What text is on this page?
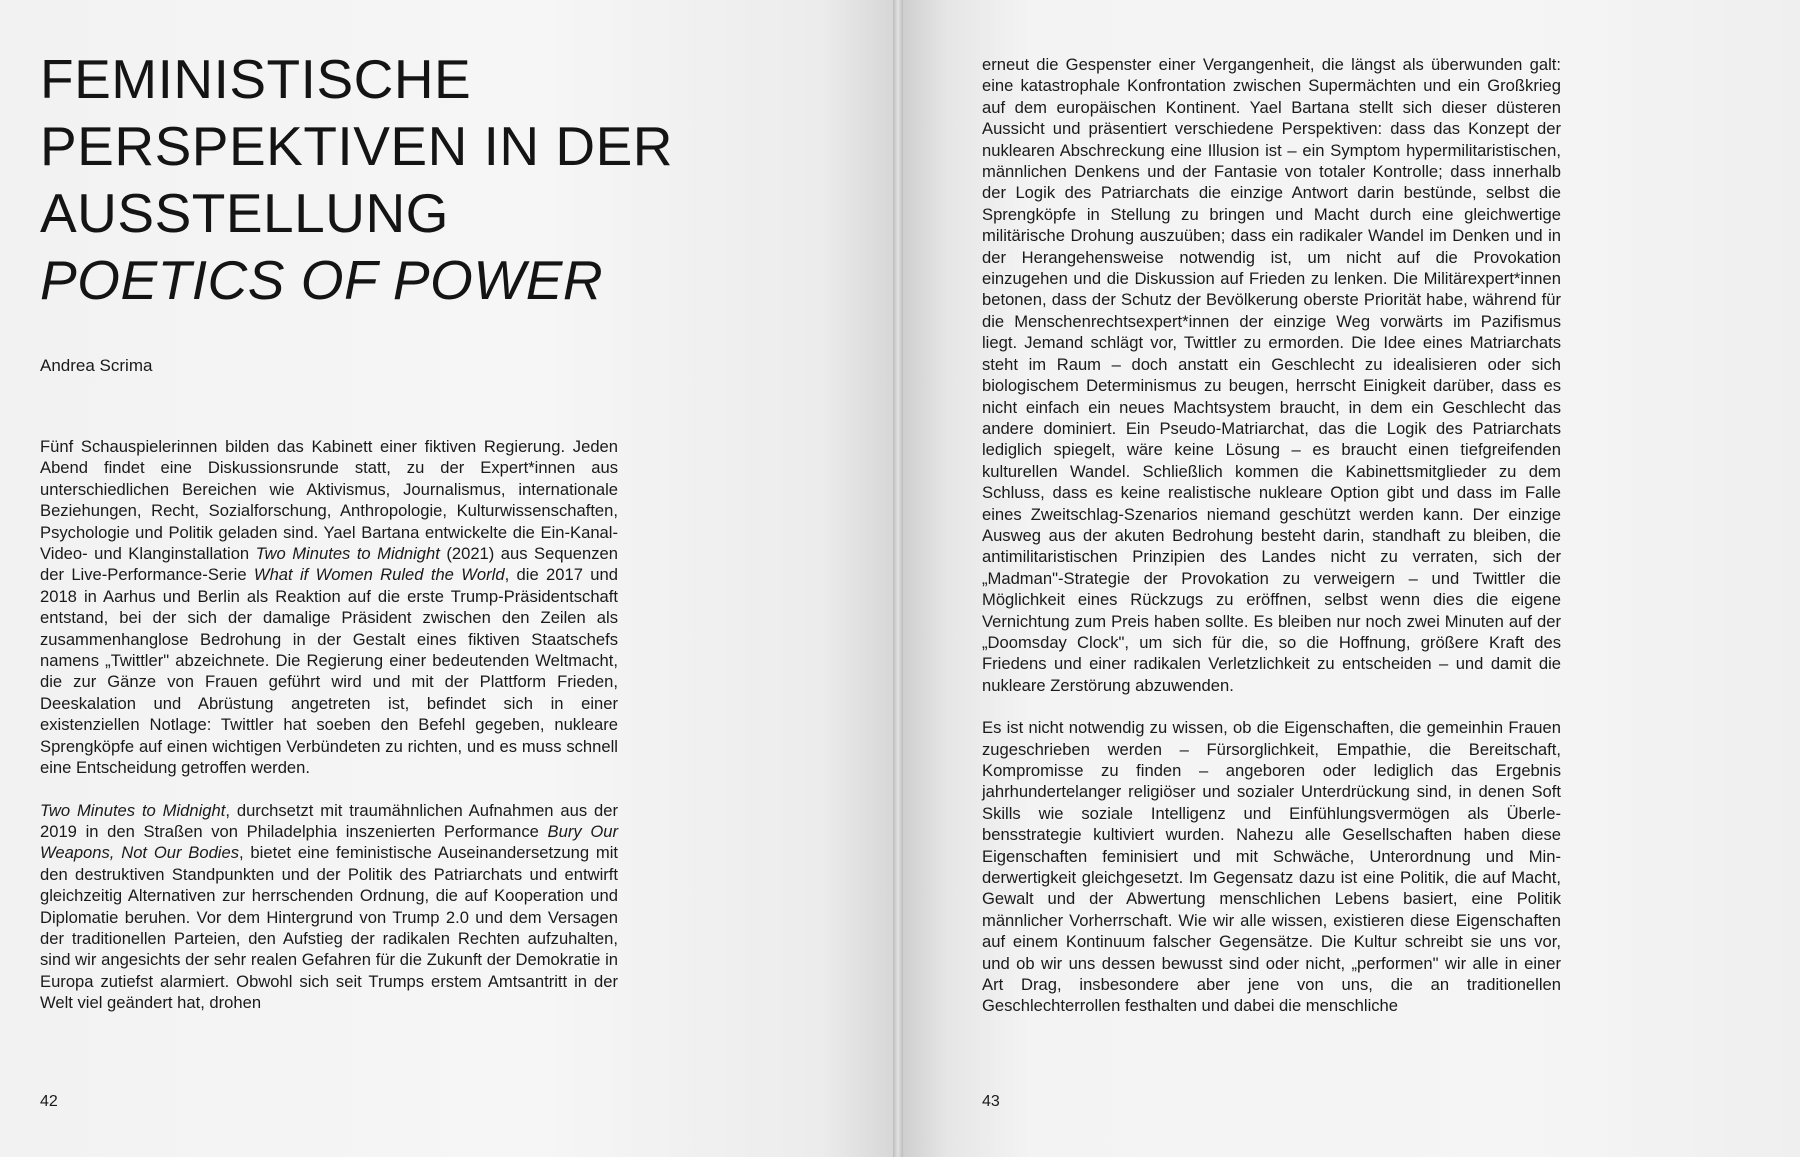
FEMINISTISCHE
PERSPEKTIVEN IN DER
AUSSTELLUNG
POETICS OF POWER
Andrea Scrima

Fünf Schauspielerinnen bilden das Kabinett einer fiktiven Regierung. Jeden Abend findet eine Diskussionsrunde statt, zu der Expert*innen aus unterschiedlichen Bereichen wie Aktivismus, Journalismus, internationale Beziehungen, Recht, Sozialforschung, Anthropologie, Kulturwissenschaften, Psychologie und Politik geladen sind. Yael Bartana entwickelte die Ein-Kanal-Video- und Klanginstallation Two Minutes to Midnight (2021) aus Sequenzen der Live-Performance-Serie What if Women Ruled the World, die 2017 und 2018 in Aarhus und Berlin als Reaktion auf die erste Trump-Präsidentschaft entstand, bei der sich der damalige Präsident zwischen den Zeilen als zusammenhanglose Bedrohung in der Gestalt eines fiktiven Staatschefs namens „Twittler" abzeichnete. Die Regierung einer bedeutenden Weltmacht, die zur Gänze von Frauen geführt wird und mit der Plattform Frieden, Deeskalation und Abrüstung angetreten ist, befindet sich in einer existenziellen Notlage: Twittler hat soeben den Befehl gegeben, nukleare Sprengköpfe auf einen wichtigen Verbündeten zu richten, und es muss schnell eine Entscheidung getroffen werden.

Two Minutes to Midnight, durchsetzt mit traumähnlichen Aufnahmen aus der 2019 in den Straßen von Philadelphia inszenierten Performance Bury Our Weapons, Not Our Bodies, bietet eine feministische Auseinandersetzung mit den destruktiven Standpunkten und der Politik des Patriarchats und entwirft gleichzeitig Alternativen zur herrschenden Ordnung, die auf Kooperation und Diplomatie beruhen. Vor dem Hintergrund von Trump 2.0 und dem Versagen der traditionellen Parteien, den Aufstieg der radikalen Rechten aufzuhalten, sind wir angesichts der sehr realen Gefahren für die Zukunft der Demokratie in Europa zutiefst alarmiert. Obwohl sich seit Trumps erstem Amtsantritt in der Welt viel geändert hat, drohen

42

erneut die Gespenster einer Vergangenheit, die längst als überwunden galt: eine katastrophale Konfrontation zwischen Supermächten und ein Großkrieg auf dem europäischen Kontinent. Yael Bartana stellt sich dieser düsteren Aussicht und präsentiert verschiedene Perspektiven: dass das Konzept der nuklearen Abschreckung eine Illusion ist – ein Symptom hypermilitaristischen, männlichen Denkens und der Fantasie von totaler Kontrolle; dass innerhalb der Logik des Patriarchats die einzige Antwort darin bestünde, selbst die Sprengköpfe in Stellung zu bringen und Macht durch eine gleichwertige militärische Drohung auszuüben; dass ein radikaler Wandel im Denken und in der Herangehensweise notwendig ist, um nicht auf die Provokation einzugehen und die Diskussion auf Frieden zu lenken. Die Militärexpert*innen betonen, dass der Schutz der Bevölkerung oberste Priorität habe, während für die Menschenrechtsexpert*innen der einzige Weg vorwärts im Pazifismus liegt. Jemand schlägt vor, Twittler zu ermorden. Die Idee eines Matriarchats steht im Raum – doch anstatt ein Geschlecht zu idealisieren oder sich biologischem Determinismus zu beugen, herrscht Einigkeit darüber, dass es nicht einfach ein neues Machtsystem braucht, in dem ein Geschlecht das andere dominiert. Ein Pseudo-Matriarchat, das die Logik des Patriarchats lediglich spiegelt, wäre keine Lösung – es braucht einen tiefgreifenden kulturellen Wandel. Schließlich kommen die Kabinettsmitglieder zu dem Schluss, dass es keine realistische nukleare Option gibt und dass im Falle eines Zweitschlag-Szenarios niemand geschützt werden kann. Der einzige Ausweg aus der akuten Bedrohung besteht darin, standhaft zu bleiben, die antimilitaristischen Prinzipien des Landes nicht zu verraten, sich der „Madman"-Strategie der Provokation zu verweigern – und Twittler die Möglichkeit eines Rückzugs zu eröffnen, selbst wenn dies die eigene Vernichtung zum Preis haben sollte. Es bleiben nur noch zwei Minuten auf der „Doomsday Clock", um sich für die, so die Hoffnung, größere Kraft des Friedens und einer radikalen Verletzlichkeit zu entscheiden – und damit die nukleare Zerstörung abzuwenden.

Es ist nicht notwendig zu wissen, ob die Eigenschaften, die gemeinhin Frauen zugeschrieben werden – Fürsorglichkeit, Empathie, die Bereitschaft, Kompromisse zu finden – angeboren oder lediglich das Ergebnis jahrhundertelanger religiöser und sozialer Unterdrückung sind, in denen Soft Skills wie soziale Intelligenz und Einfühlungsvermögen als Überlebensstrategie kultiviert wurden. Nahezu alle Gesellschaften haben diese Eigenschaften feminisiert und mit Schwäche, Unterordnung und Minderwertigkeit gleichgesetzt. Im Gegensatz dazu ist eine Politik, die auf Macht, Gewalt und der Abwertung menschlichen Lebens basiert, eine Politik männlicher Vorherrschaft. Wie wir alle wissen, existieren diese Eigenschaften auf einem Kontinuum falscher Gegensätze. Die Kultur schreibt sie uns vor, und ob wir uns dessen bewusst sind oder nicht, „performen" wir alle in einer Art Drag, insbesondere aber jene von uns, die an traditionellen Geschlechterrollen festhalten und dabei die menschliche

43
